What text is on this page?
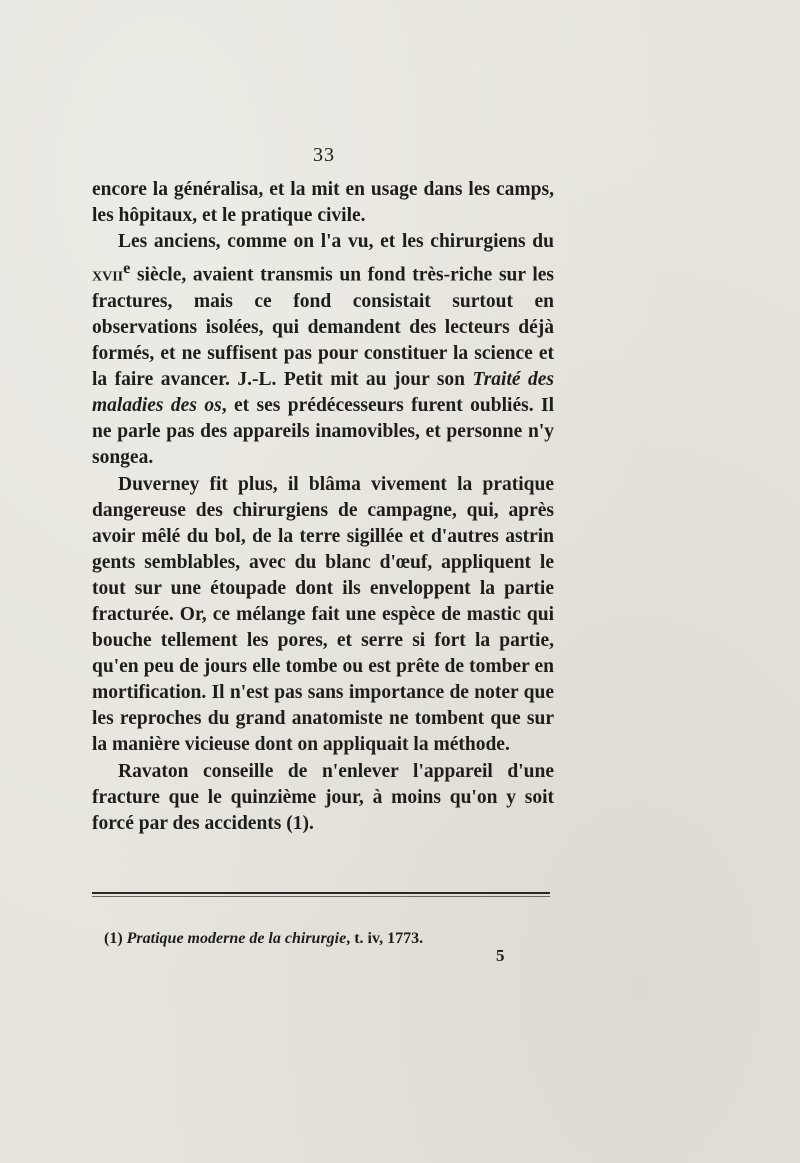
33

encore la généralisa, et la mit en usage dans les camps, les hôpitaux, et le pratique civile.

Les anciens, comme on l'a vu, et les chirurgiens du xvii$^e$ siècle, avaient transmis un fond très-riche sur les fractures, mais ce fond consistait surtout en observations isolées, qui demandent des lecteurs déjà formés, et ne suffisent pas pour constituer la science et la faire avancer. J.-L. Petit mit au jour son Traité des maladies des os, et ses prédécesseurs furent oubliés. Il ne parle pas des appareils inamovibles, et personne n'y songea.

Duverney fit plus, il blâma vivement la pratique dangereuse des chirurgiens de campagne, qui, après avoir mêlé du bol, de la terre sigillée et d'autres astrin gents semblables, avec du blanc d'œuf, appliquent le tout sur une étoupade dont ils enveloppent la partie fracturée. Or, ce mélange fait une espèce de mastic qui bouche tellement les pores, et serre si fort la partie, qu'en peu de jours elle tombe ou est prête de tomber en mortification. Il n'est pas sans importance de noter que les reproches du grand anatomiste ne tombent que sur la manière vicieuse dont on appliquait la méthode.

Ravaton conseille de n'enlever l'appareil d'une fracture que le quinzième jour, à moins qu'on y soit forcé par des accidents (1).

(1) Pratique moderne de la chirurgie, t. iv, 1773.
5
